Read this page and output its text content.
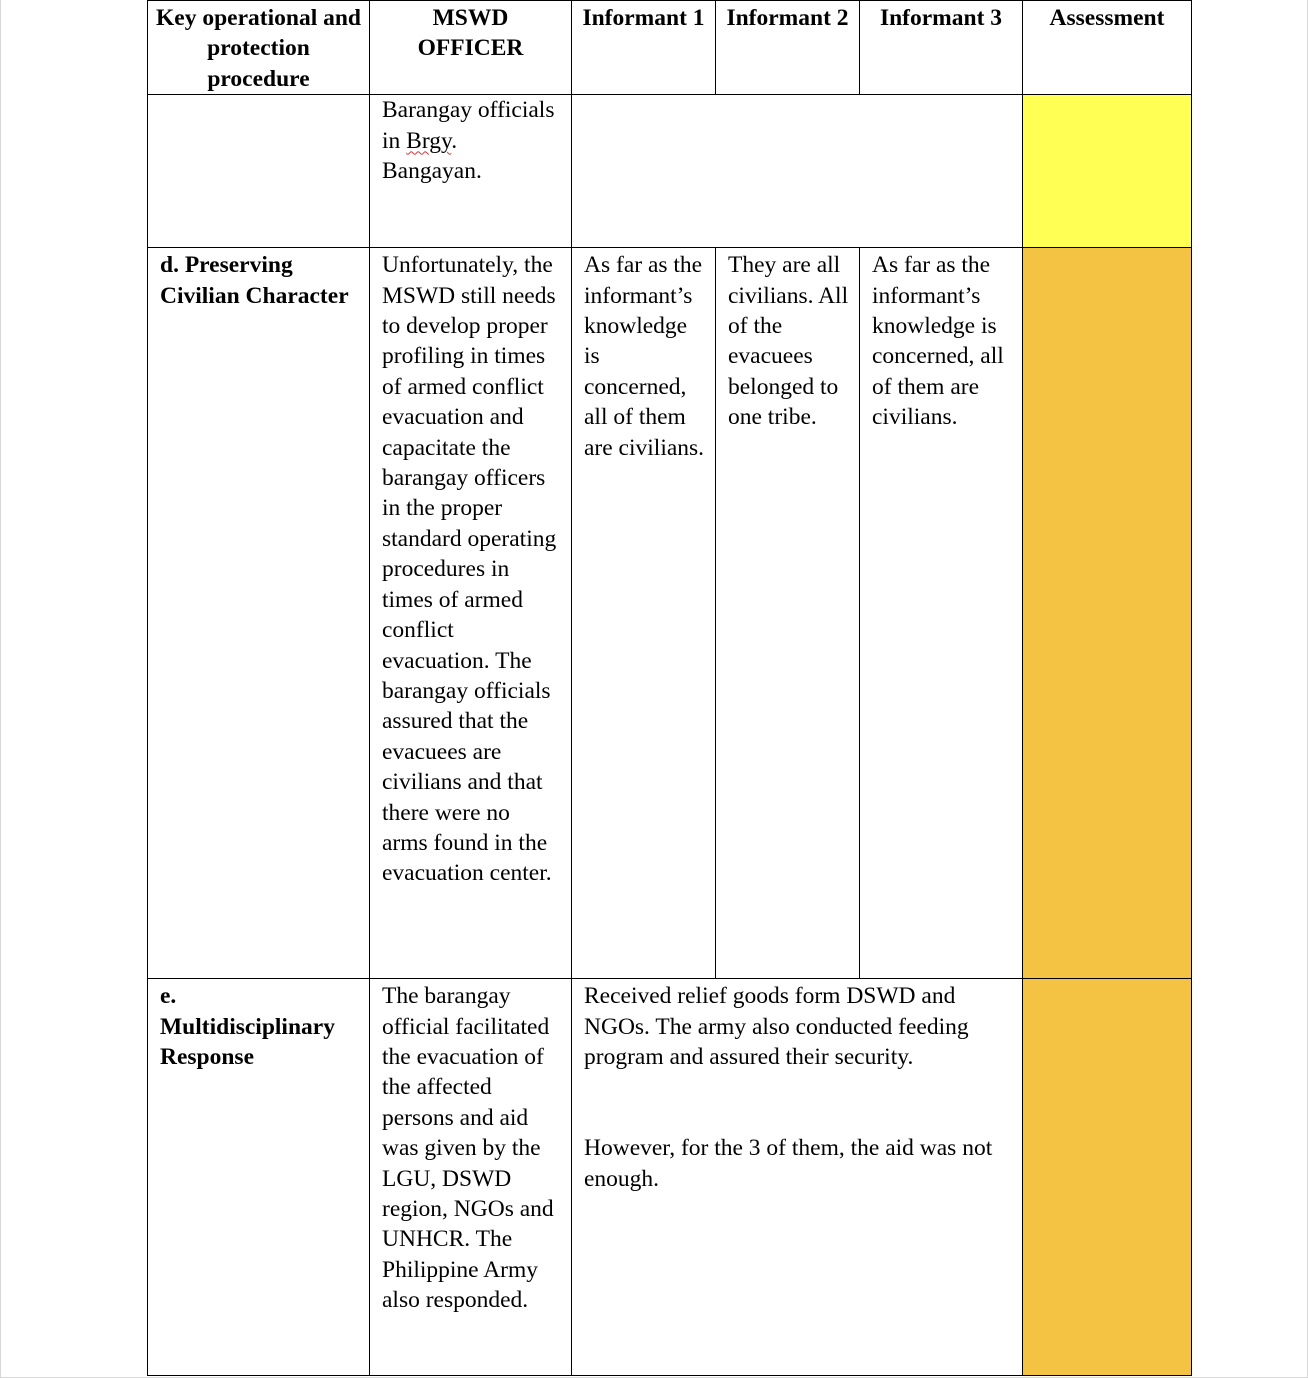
Key operational and protection procedure	MSWD OFFICER	Informant 1	Informant 2	Informant 3	Assessment
	Barangay officials in Brgy. Bangayan.				
d. Preserving Civilian Character	Unfortunately, the MSWD still needs to develop proper profiling in times of armed conflict evacuation and capacitate the barangay officers in the proper standard operating procedures in times of armed conflict evacuation. The barangay officials assured that the evacuees are civilians and that there were no arms found in the evacuation center.	As far as the informant’s knowledge is concerned, all of them are civilians.	They are all civilians. All of the evacuees belonged to one tribe.	As far as the informant’s knowledge is concerned, all of them are civilians.	

e.
Multidisciplinary Response	The barangay official facilitated the evacuation of the affected persons and aid was given by the LGU, DSWD region, NGOs and UNHCR. The Philippine Army also responded.	Received relief goods form DSWD and NGOs. The army also conducted feeding program and assured their security.
However, for the 3 of them, the aid was not enough.			
